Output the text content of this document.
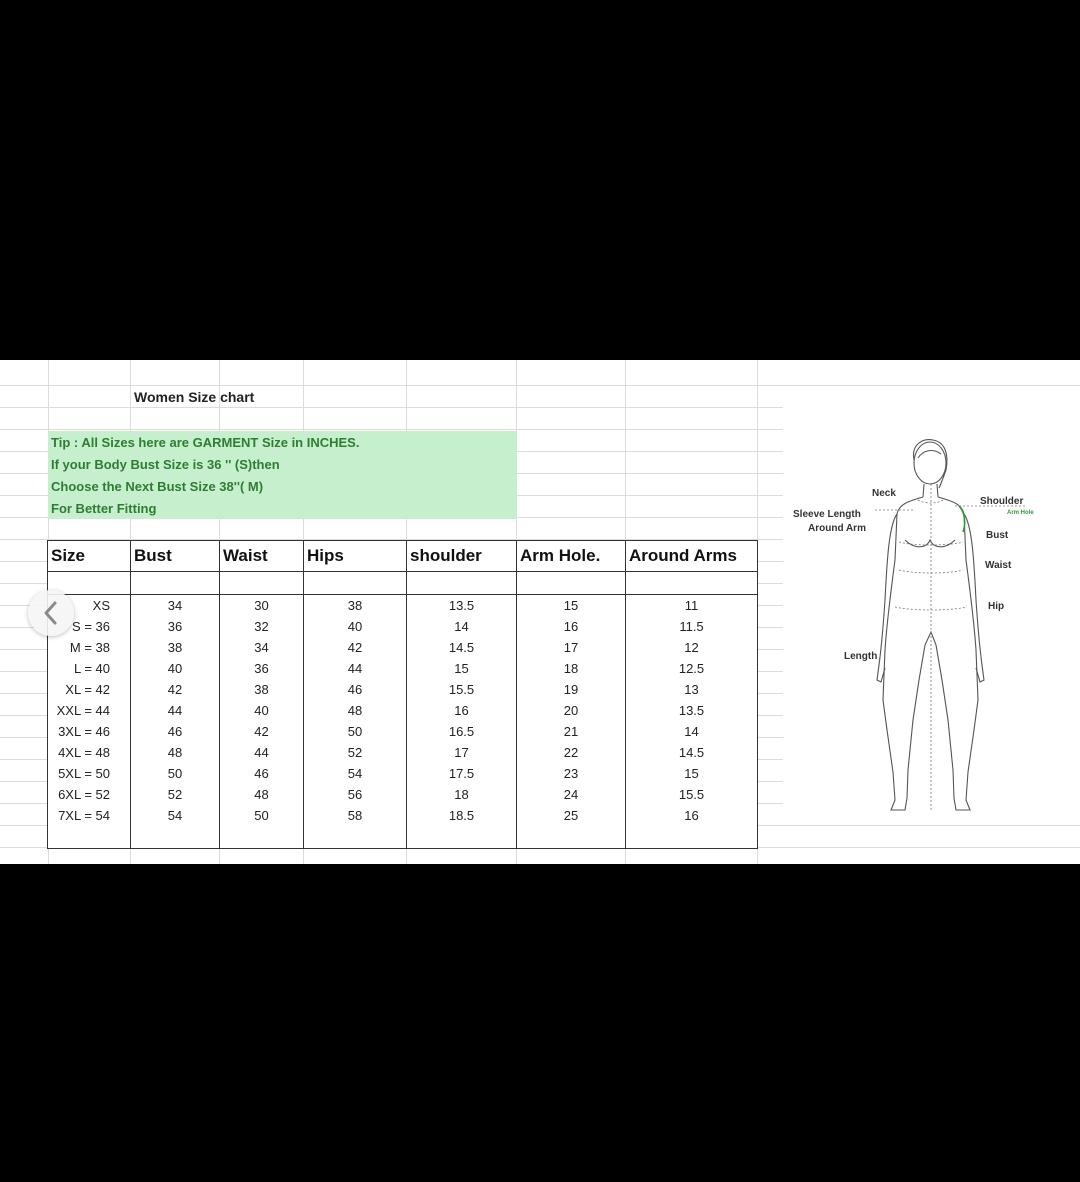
Women Size chart
Tip : All Sizes here are GARMENT Size in INCHES.
If your Body Bust Size is 36 '' (S)then
Choose the Next Bust Size 38''( M)
For Better Fitting
Size	Bust	Waist	Hips	shoulder	Arm Hole.	Around Arms

XS	34	30	38	13.5	15	11
S = 36	36	32	40	14	16	11.5
M = 38	38	34	42	14.5	17	12
L = 40	40	36	44	15	18	12.5
XL = 42	42	38	46	15.5	19	13
XXL = 44	44	40	48	16	20	13.5
3XL = 46	46	42	50	16.5	21	14
4XL = 48	48	44	52	17	22	14.5
5XL = 50	50	46	54	17.5	23	15
6XL = 52	52	48	56	18	24	15.5
7XL = 54	54	50	58	18.5	25	16

Neck
Shoulder
Arm Hole
Sleeve Length
Around Arm
Bust
Waist
Hip
Length
